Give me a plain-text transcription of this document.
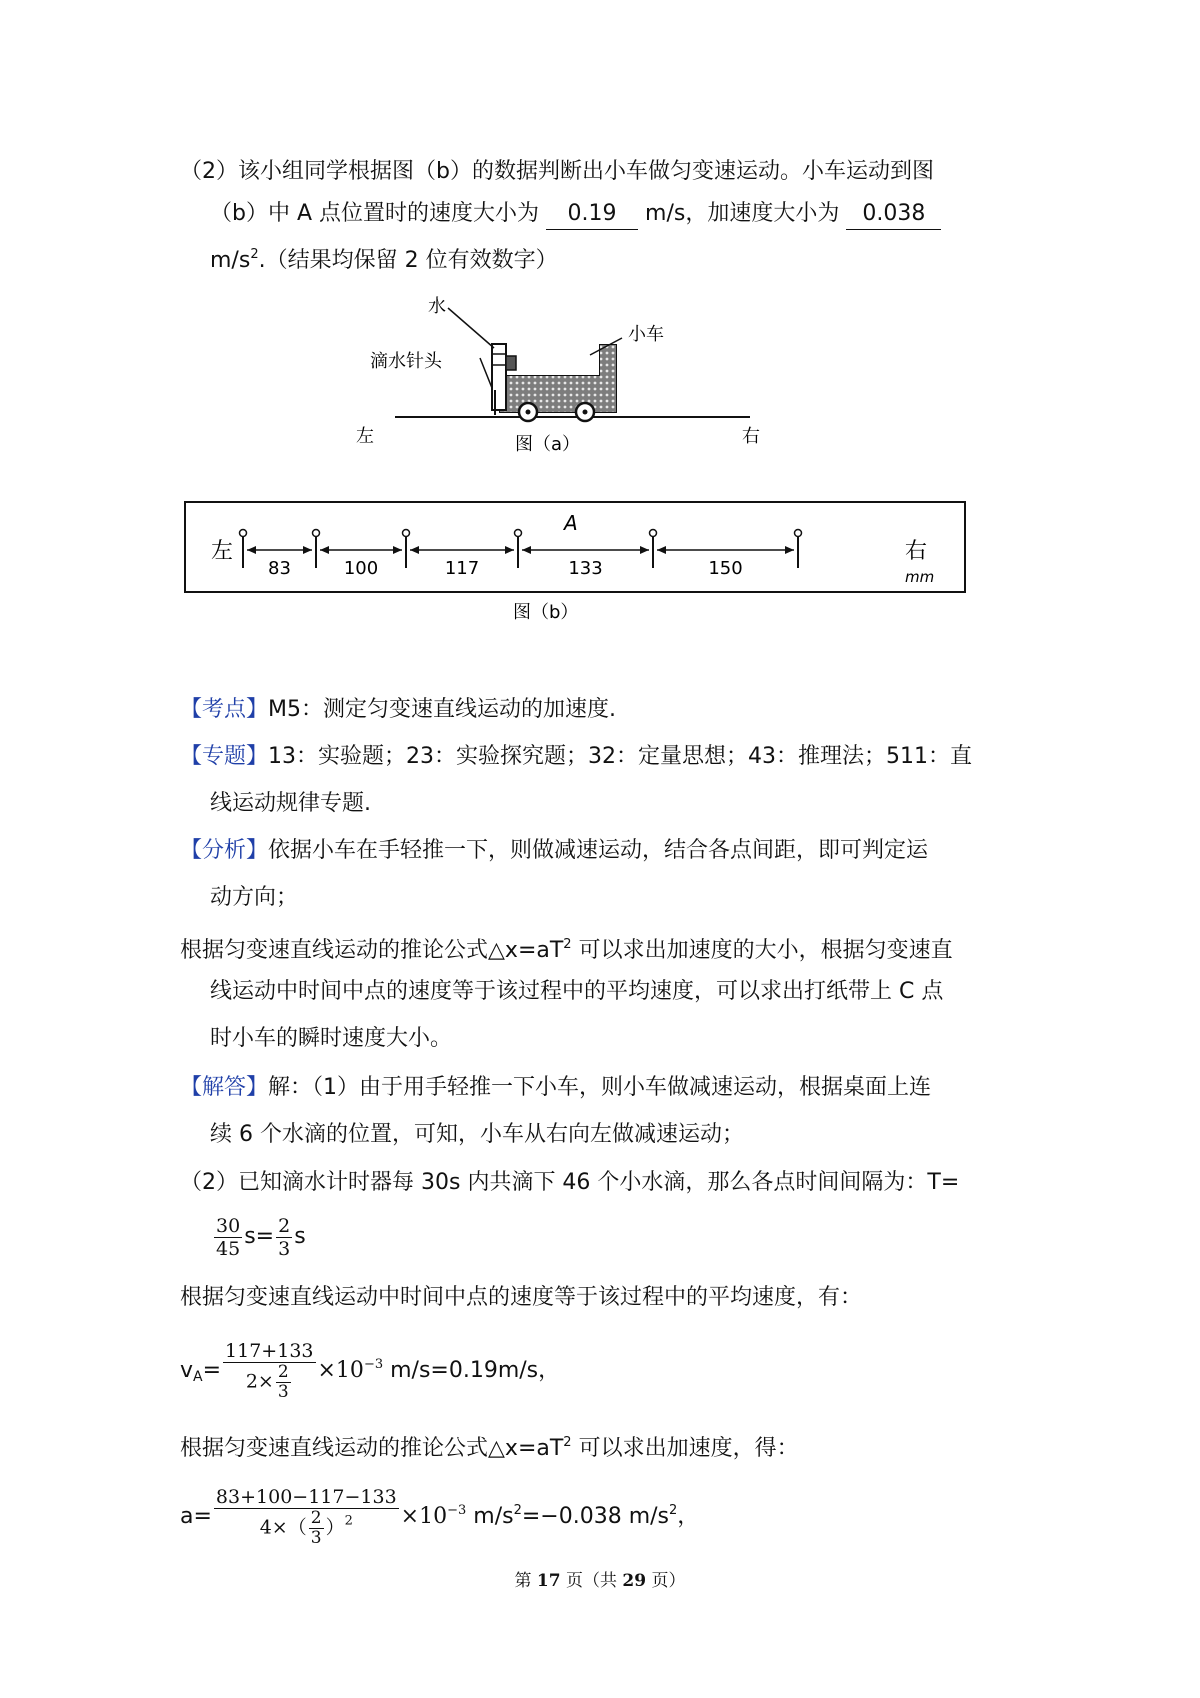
（2）该小组同学根据图（b）的数据判断出小车做匀变速运动。小车运动到图
（b）中 A 点位置时的速度大小为 0.19 m/s，加速度大小为 0.038
$m/s^2$.（结果均保留 2 位有效数字）
水
小车
滴水针头
左	右
图（a）
左	右
mm
A
83	100	117	133	150
图（b）
【考点】M5：测定匀变速直线运动的加速度.
【专题】13：实验题；23：实验探究题；32：定量思想；43：推理法；511：直
线运动规律专题.
【分析】依据小车在手轻推一下，则做减速运动，结合各点间距，即可判定运
动方向；
根据匀变速直线运动的推论公式$\triangle x=aT^2$ 可以求出加速度的大小，根据匀变速直
线运动中时间中点的速度等于该过程中的平均速度，可以求出打纸带上 C 点
时小车的瞬时速度大小。
【解答】解：（1）由于用手轻推一下小车，则小车做减速运动，根据桌面上连
续 6 个水滴的位置，可知，小车从右向左做减速运动；
（2）已知滴水计时器每 30s 内共滴下 46 个小水滴，那么各点时间间隔为：T=
$\frac{30}{45} s= \frac{2}{3}$ s
根据匀变速直线运动中时间中点的速度等于该过程中的平均速度，有：
$v_A= \frac{117+133}{2\times \frac{2}{3}} \times 10^{-3}$ m/s=0.19m/s，
根据匀变速直线运动的推论公式$\triangle x=aT^2$ 可以求出加速度，得：
$a= \frac{83+100-117-133}{4\times( \frac{2}{3} )^2} \times 10^{-3}$ $m/s^2=-0.038$ $m/s^2$，
第 17 页（共 29 页）
